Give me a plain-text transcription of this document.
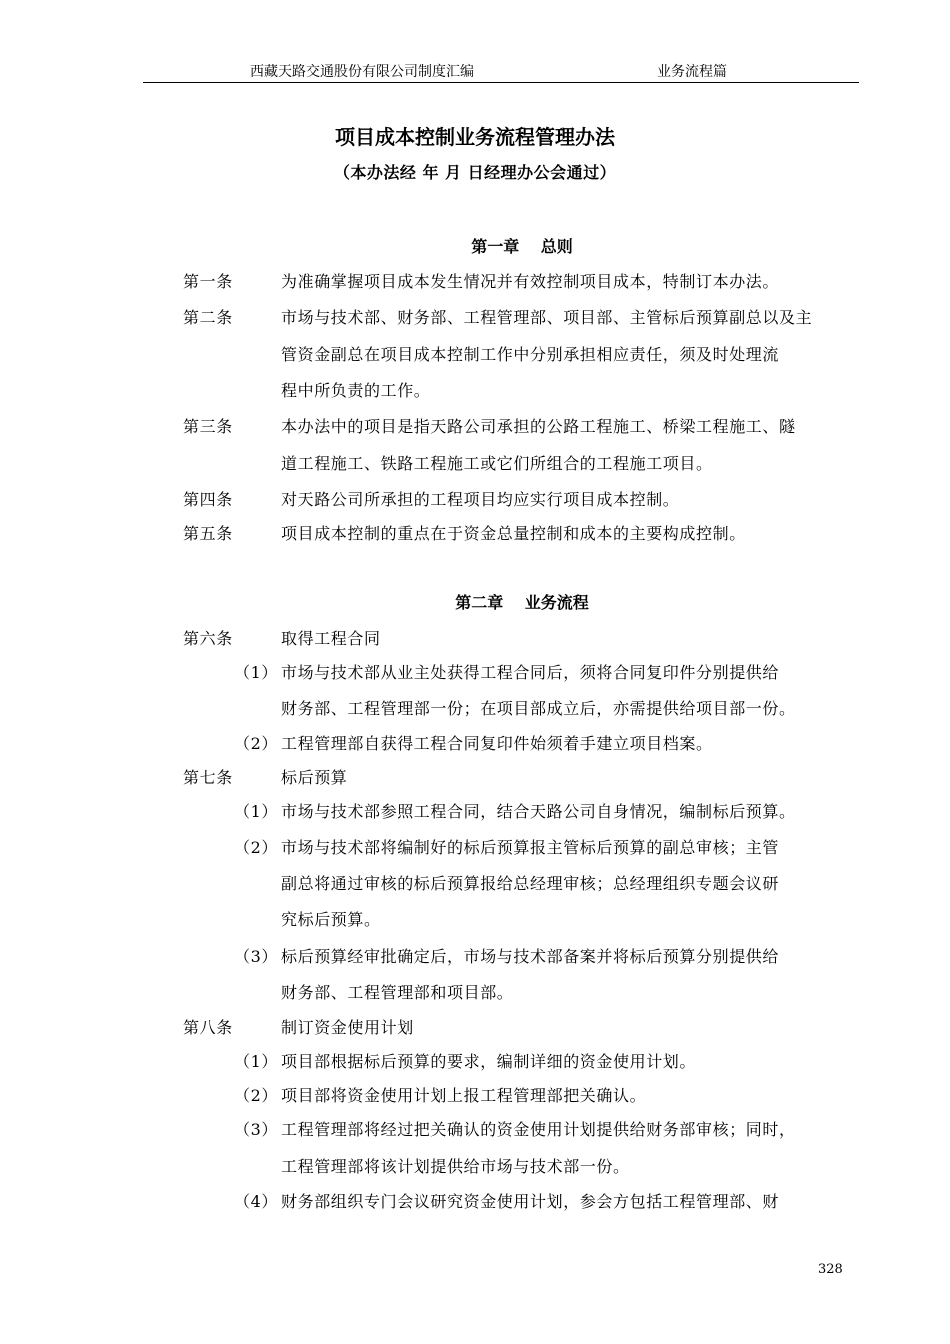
西藏天路交通股份有限公司制度汇编	业务流程篇
项目成本控制业务流程管理办法
（本办法经 年 月 日经理办公会通过）
第一章　 总则
第一条	为准确掌握项目成本发生情况并有效控制项目成本，特制订本办法。
第二条	市场与技术部、财务部、工程管理部、项目部、主管标后预算副总以及主
管资金副总在项目成本控制工作中分别承担相应责任，须及时处理流
程中所负责的工作。
第三条	本办法中的项目是指天路公司承担的公路工程施工、桥梁工程施工、隧
道工程施工、铁路工程施工或它们所组合的工程施工项目。
第四条	对天路公司所承担的工程项目均应实行项目成本控制。
第五条	项目成本控制的重点在于资金总量控制和成本的主要构成控制。
第二章　 业务流程
第六条	取得工程合同
（1） 市场与技术部从业主处获得工程合同后，须将合同复印件分别提供给
财务部、工程管理部一份；在项目部成立后，亦需提供给项目部一份。
（2） 工程管理部自获得工程合同复印件始须着手建立项目档案。
第七条	标后预算
（1） 市场与技术部参照工程合同，结合天路公司自身情况，编制标后预算。
（2） 市场与技术部将编制好的标后预算报主管标后预算的副总审核；主管
副总将通过审核的标后预算报给总经理审核；总经理组织专题会议研
究标后预算。
（3） 标后预算经审批确定后，市场与技术部备案并将标后预算分别提供给
财务部、工程管理部和项目部。
第八条	制订资金使用计划
（1） 项目部根据标后预算的要求，编制详细的资金使用计划。
（2） 项目部将资金使用计划上报工程管理部把关确认。
（3） 工程管理部将经过把关确认的资金使用计划提供给财务部审核；同时，
工程管理部将该计划提供给市场与技术部一份。
（4） 财务部组织专门会议研究资金使用计划，参会方包括工程管理部、财
328
